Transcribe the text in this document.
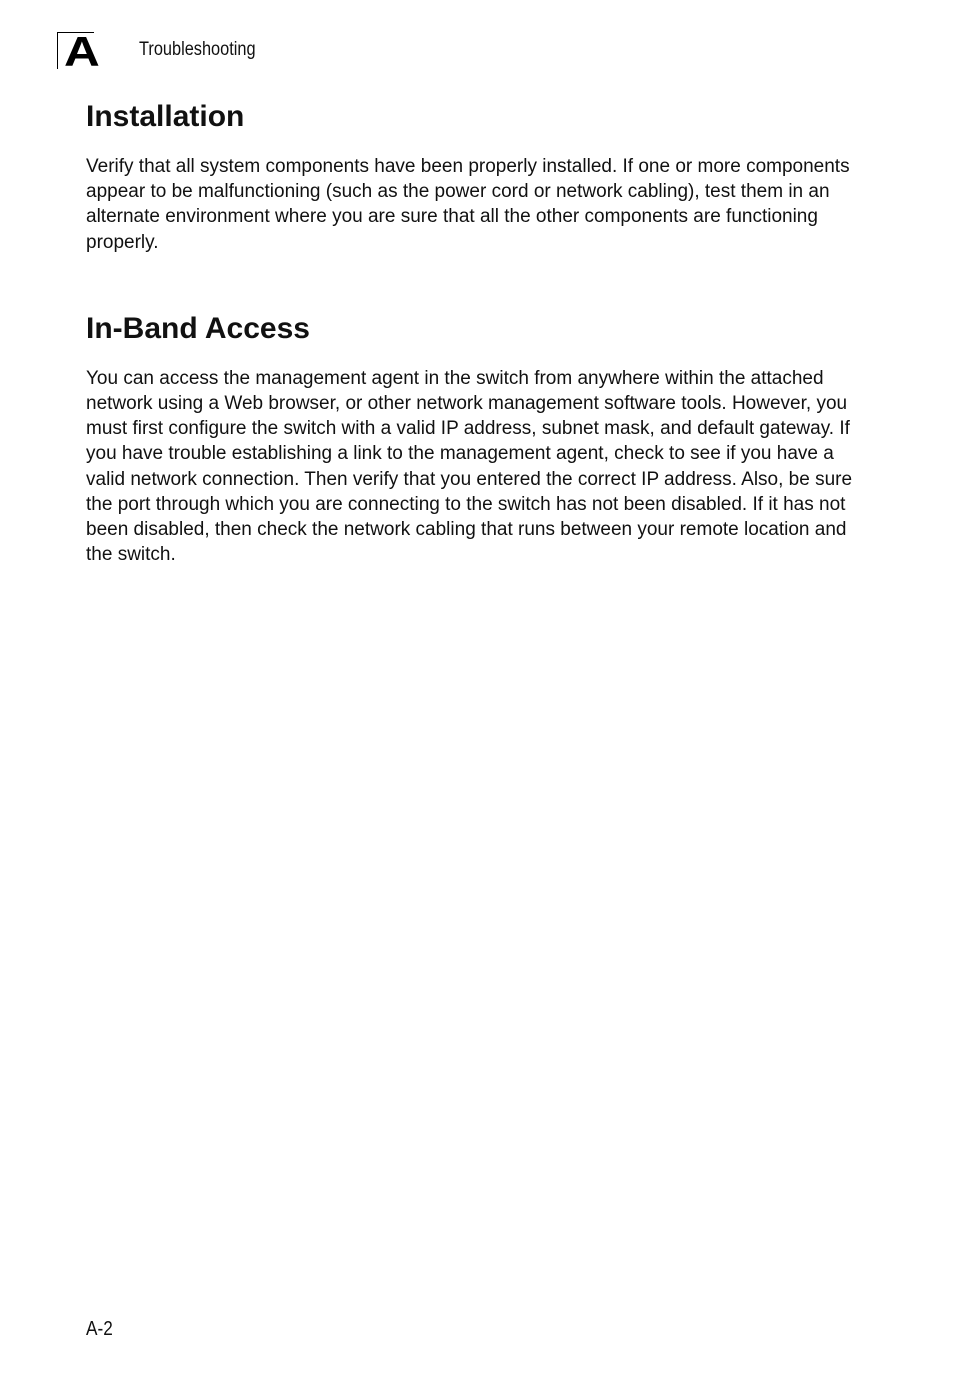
A Troubleshooting
Installation

Verify that all system components have been properly installed. If one or more components appear to be malfunctioning (such as the power cord or network cabling), test them in an alternate environment where you are sure that all the other components are functioning properly.

In-Band Access

You can access the management agent in the switch from anywhere within the attached network using a Web browser, or other network management software tools. However, you must first configure the switch with a valid IP address, subnet mask, and default gateway. If you have trouble establishing a link to the management agent, check to see if you have a valid network connection. Then verify that you entered the correct IP address. Also, be sure the port through which you are connecting to the switch has not been disabled. If it has not been disabled, then check the network cabling that runs between your remote location and the switch.

A-2
